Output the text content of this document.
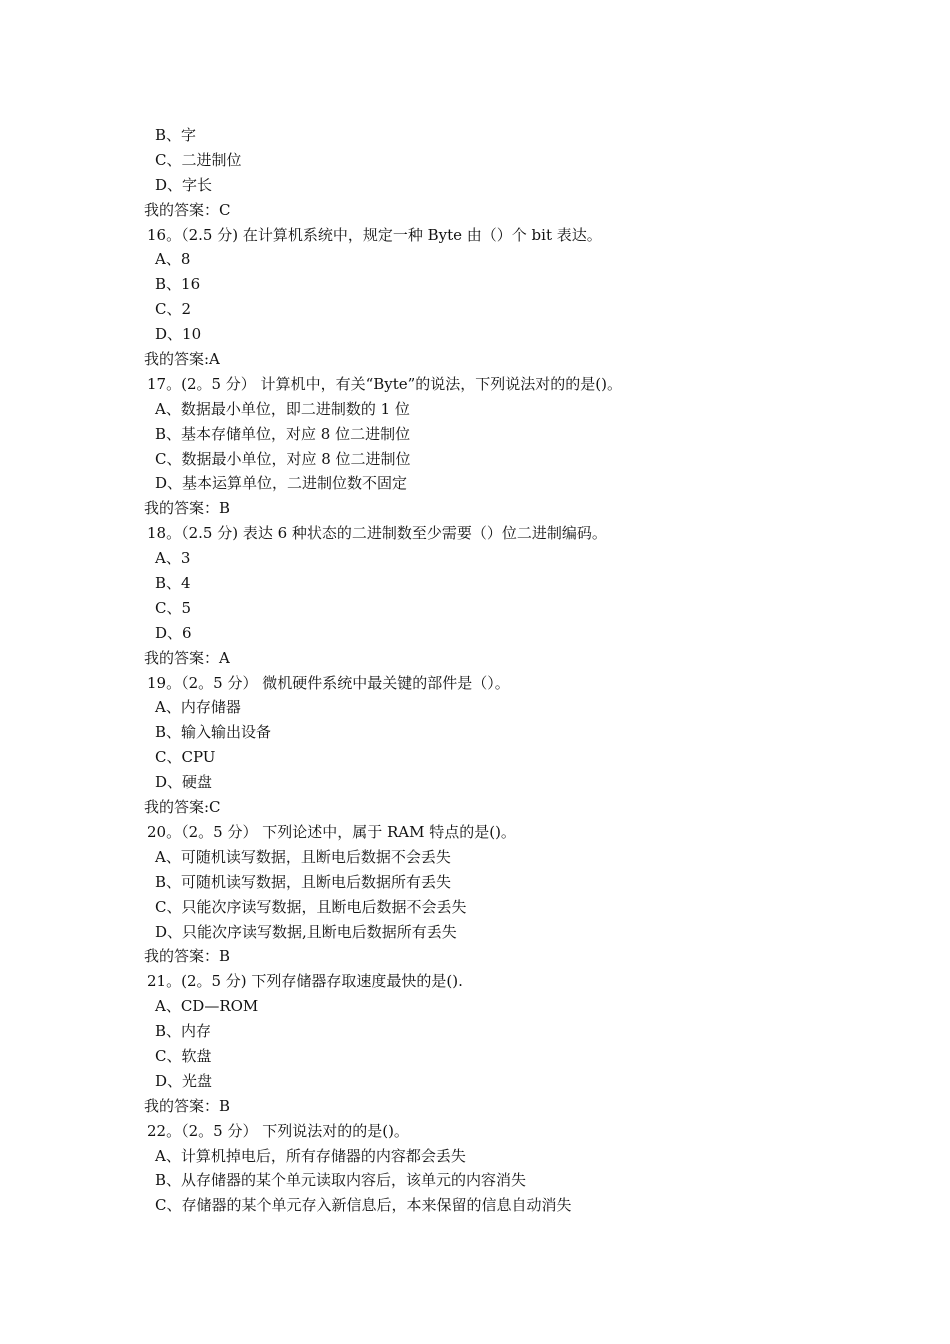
B、字
C、二进制位
D、字长
我的答案：C
16。（2.5 分) 在计算机系统中，规定一种 Byte 由（）个 bit 表达。
A、8
B、16
C、2
D、10
我的答案:A
17。(2。5 分） 计算机中，有关“Byte”的说法，下列说法对的的是()。
A、数据最小单位，即二进制数的 1 位
B、基本存储单位，对应 8 位二进制位
C、数据最小单位，对应 8 位二进制位
D、基本运算单位，二进制位数不固定
我的答案：B
18。（2.5 分) 表达 6 种状态的二进制数至少需要（）位二进制编码。
A、3
B、4
C、5
D、6
我的答案：A
19。（2。5 分） 微机硬件系统中最关键的部件是（）。
A、内存储器
B、输入输出设备
C、CPU
D、硬盘
我的答案:C
20。（2。5 分） 下列论述中，属于 RAM 特点的是()。
A、可随机读写数据，且断电后数据不会丢失
B、可随机读写数据，且断电后数据所有丢失
C、只能次序读写数据，且断电后数据不会丢失
D、只能次序读写数据,且断电后数据所有丢失
我的答案：B
21。(2。5 分) 下列存储器存取速度最快的是().
A、CD—ROM
B、内存
C、软盘
D、光盘
我的答案：B
22。（2。5 分） 下列说法对的的是()。
A、计算机掉电后，所有存储器的内容都会丢失
B、从存储器的某个单元读取内容后，该单元的内容消失
C、存储器的某个单元存入新信息后，本来保留的信息自动消失
